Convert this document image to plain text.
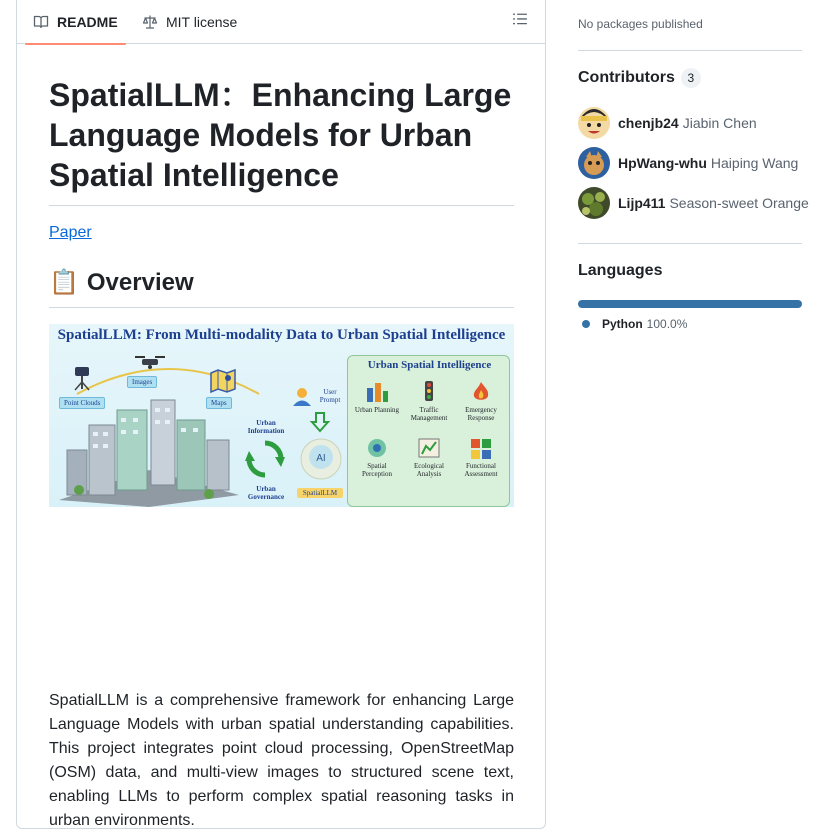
README	MIT license
SpatialLLM：Enhancing Large Language Models for Urban Spatial Intelligence
Paper
📋 Overview
SpatialLLM: From Multi-modality Data to Urban Spatial Intelligence
Point Clouds
Images
Maps
Urban Information
Urban Governance
User Prompt
AI
SpatialLLM
Urban Spatial Intelligence
Urban Planning	Traffic Management
Emergency Response
Spatial Perception
Ecological Analysis
Functional Assessment

SpatialLLM is a comprehensive framework for enhancing Large Language Models with urban spatial understanding capabilities. This project integrates point cloud processing, OpenStreetMap (OSM) data, and multi-view images to structured scene text, enabling LLMs to perform complex spatial reasoning tasks in urban environments.

No packages published
Contributors	3
chenjb24 Jiabin Chen
HpWang-whu Haiping Wang
Lijp411 Season-sweet Orange
Languages
Python 100.0%
